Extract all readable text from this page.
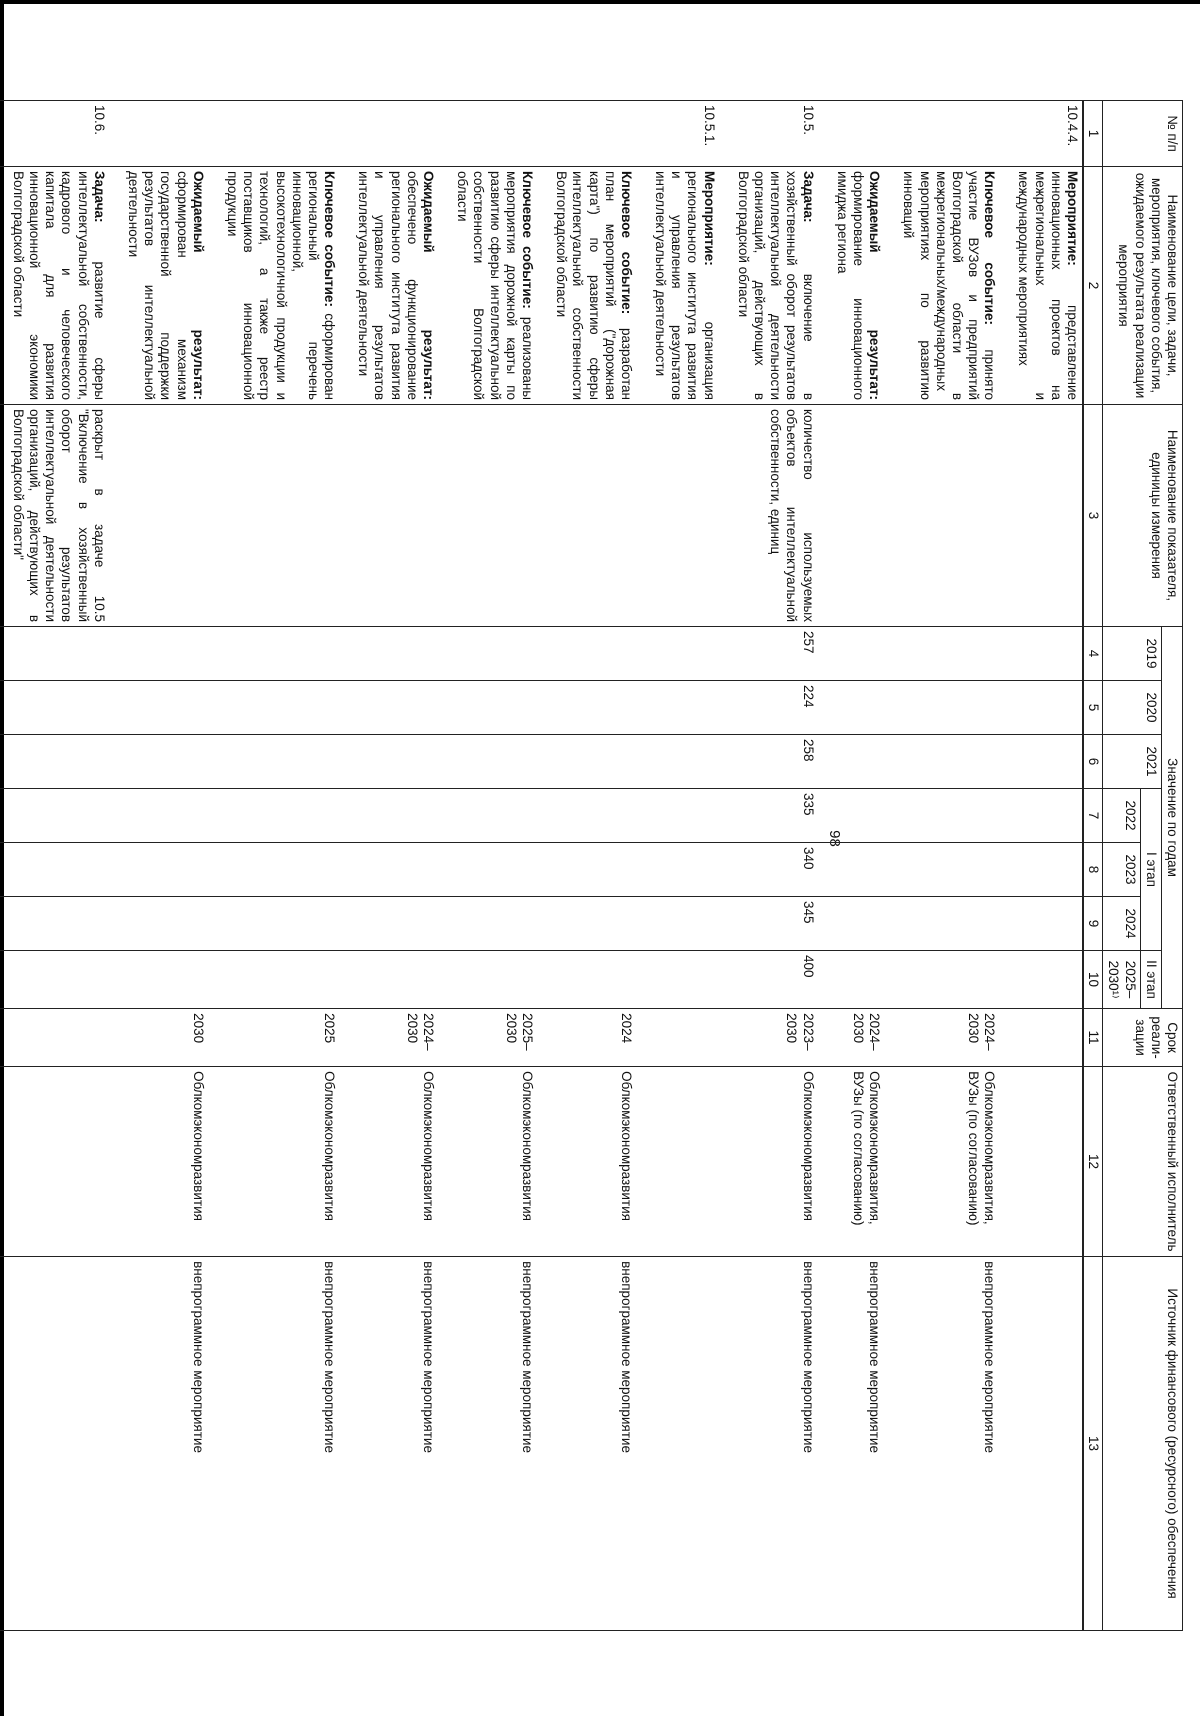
98
№ п/п	Наименование цели, задачи, мероприятия, ключевого события, ожидаемого результата реализации мероприятия	Наименование показателя, единицы измерения	Значение по годам							Срок реали- зации	Ответственный исполнитель	Источник финансового (ресурсного) обеспечения
			2019	2020	2021	I этап			II этап			
						2022	2023	2024	2025– 2030¹⁾			
1	2	3	4	5	6	7	8	9	10	11	12	13
10.4.4.	Мероприятие: представление инновационных проектов на межрегиональных и международных мероприятиях

	Ключевое событие: принято участие ВУЗов и предприятий Волгоградской области в межрегиональных/международных мероприятиях по развитию инноваций									2024– 2030	Облкомэкономразвития, ВУЗы (по согласованию)	внепрограммное мероприятие
	Ожидаемый результат: формирование инновационного имиджа региона									2024– 2030	Облкомэкономразвития, ВУЗы (по согласованию)	внепрограммное мероприятие
10.5.	Задача: включение в хозяйственный оборот результатов интеллектуальной деятельности организаций, действующих в Волгоградской области	количество используемых объектов интеллектуальной собственности, единиц	257	224	258	335	340	345	400	2023– 2030	Облкомэкономразвития	внепрограммное мероприятие
10.5.1.	Мероприятие: организация регионального института развития и управления результатов интеллектуальной деятельности

	Ключевое событие: разработан план мероприятий ("дорожная карта") по развитию сферы интеллектуальной собственности Волгоградской области									2024	Облкомэкономразвития	внепрограммное мероприятие
	Ключевое событие: реализованы мероприятия дорожной карты по развитию сферы интеллектуальной собственности Волгоградской области									2025– 2030	Облкомэкономразвития	внепрограммное мероприятие
	Ожидаемый результат: обеспечено функционирование регионального института развития и управления результатов интеллектуальной деятельности									2024– 2030	Облкомэкономразвития	внепрограммное мероприятие
	Ключевое событие: сформирован региональный перечень инновационной, высокотехнологичной продукции и технологий, а также реестр поставщиков инновационной продукции									2025	Облкомэкономразвития	внепрограммное мероприятие
	Ожидаемый результат: сформирован механизм государственной поддержки результатов интеллектуальной деятельности									2030	Облкомэкономразвития	внепрограммное мероприятие
10.6.	Задача: развитие сферы интеллектуальной собственности, кадрового и человеческого капитала для развития инновационной экономики Волгоградской области	раскрыт в задаче 10.5 "Включение в хозяйственный оборот результатов интеллектуальной деятельности организаций, действующих в Волгоградской области"										
